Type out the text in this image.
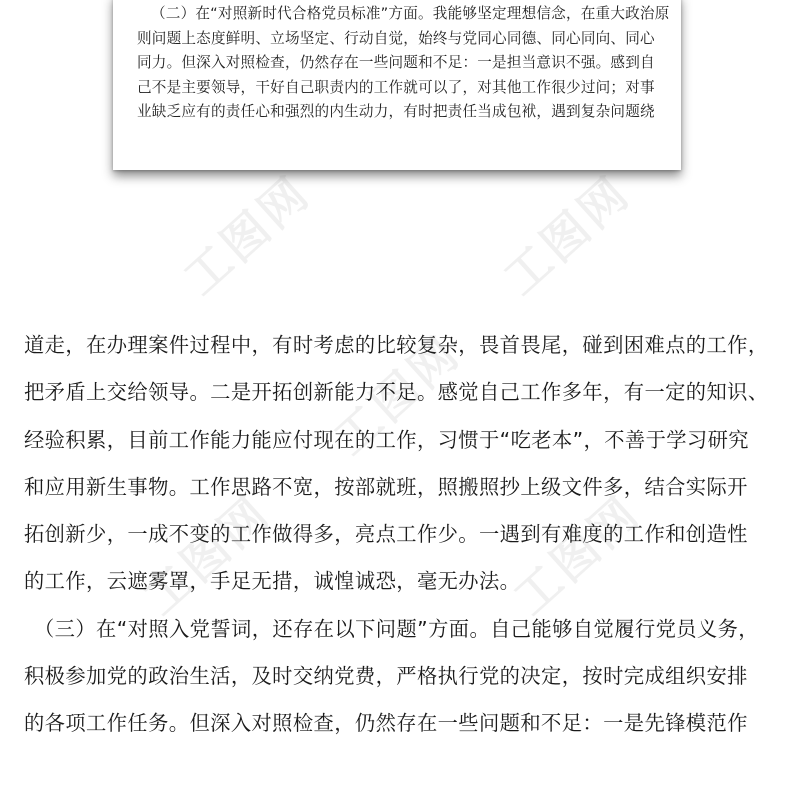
（二）在“对照新时代合格党员标准”方面。我能够坚定理想信念，在重大政治原
则问题上态度鲜明、立场坚定、行动自觉，始终与党同心同德、同心同向、同心
同力。但深入对照检查，仍然存在一些问题和不足：一是担当意识不强。感到自
己不是主要领导，干好自己职责内的工作就可以了，对其他工作很少过问；对事
业缺乏应有的责任心和强烈的内生动力，有时把责任当成包袱，遇到复杂问题绕
工图网	工图网
工图网
工图网	工图网
道走，在办理案件过程中，有时考虑的比较复杂，畏首畏尾，碰到困难点的工作，
把矛盾上交给领导。二是开拓创新能力不足。感觉自己工作多年，有一定的知识、
经验积累，目前工作能力能应付现在的工作，习惯于“吃老本”，不善于学习研究
和应用新生事物。工作思路不宽，按部就班，照搬照抄上级文件多，结合实际开
拓创新少，一成不变的工作做得多，亮点工作少。一遇到有难度的工作和创造性
的工作，云遮雾罩，手足无措，诚惶诚恐，毫无办法。
（三）在“对照入党誓词，还存在以下问题”方面。自己能够自觉履行党员义务，
积极参加党的政治生活，及时交纳党费，严格执行党的决定，按时完成组织安排
的各项工作任务。但深入对照检查，仍然存在一些问题和不足：一是先锋模范作
